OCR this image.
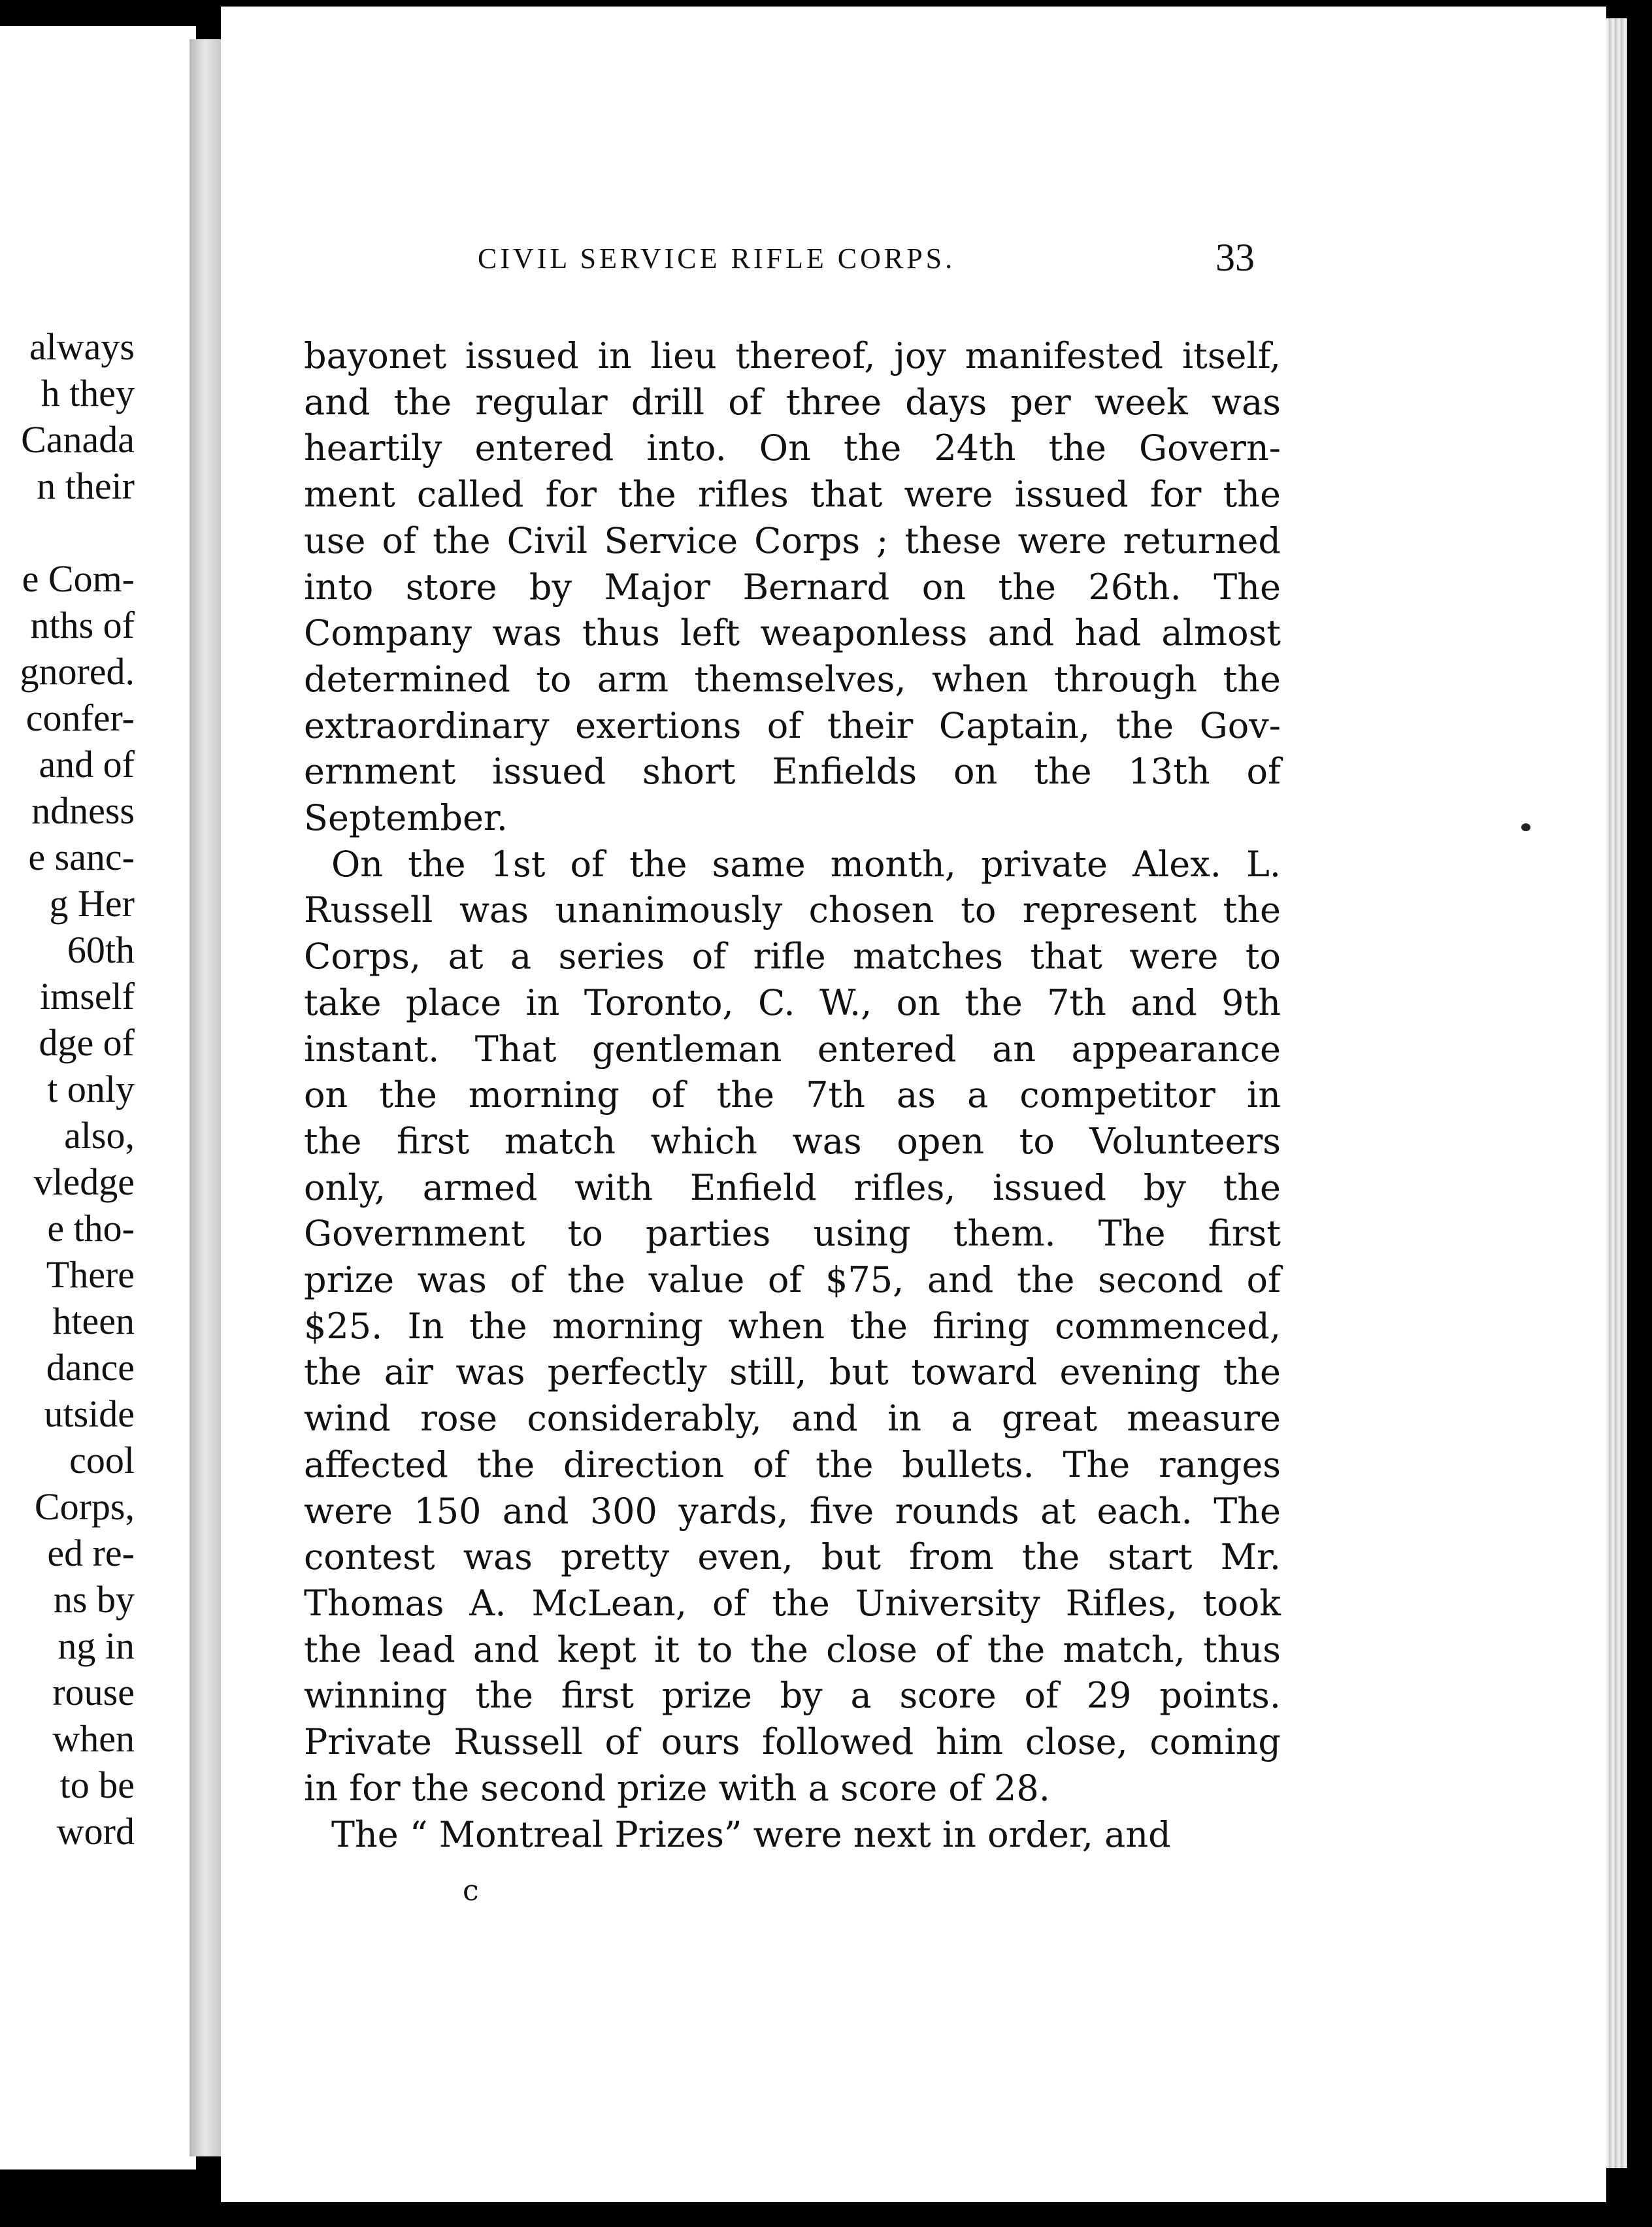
always
h they
Canada
n their

e Com-
nths of
gnored.
confer-
and of
ndness
e sanc-
g Her
60th
imself
dge of
t only
also,
vledge
e tho-
There
hteen
dance
utside
cool
Corps,
ed re-
ns by
ng in
rouse
when
to be
word
CIVIL SERVICE RIFLE CORPS.	33
bayonet issued in lieu thereof, joy manifested itself,
and the regular drill of three days per week was
heartily entered into. On the 24th the Govern-
ment called for the rifles that were issued for the
use of the Civil Service Corps ; these were returned
into store by Major Bernard on the 26th. The
Company was thus left weaponless and had almost
determined to arm themselves, when through the
extraordinary exertions of their Captain, the Gov-
ernment issued short Enfields on the 13th of
September.
On the 1st of the same month, private Alex. L.
Russell was unanimously chosen to represent the
Corps, at a series of rifle matches that were to
take place in Toronto, C. W., on the 7th and 9th
instant. That gentleman entered an appearance
on the morning of the 7th as a competitor in
the first match which was open to Volunteers
only, armed with Enfield rifles, issued by the
Government to parties using them. The first
prize was of the value of $75, and the second of
$25. In the morning when the firing commenced,
the air was perfectly still, but toward evening the
wind rose considerably, and in a great measure
affected the direction of the bullets. The ranges
were 150 and 300 yards, five rounds at each. The
contest was pretty even, but from the start Mr.
Thomas A. McLean, of the University Rifles, took
the lead and kept it to the close of the match, thus
winning the first prize by a score of 29 points.
Private Russell of ours followed him close, coming
in for the second prize with a score of 28.
The “ Montreal Prizes” were next in order, and
c
